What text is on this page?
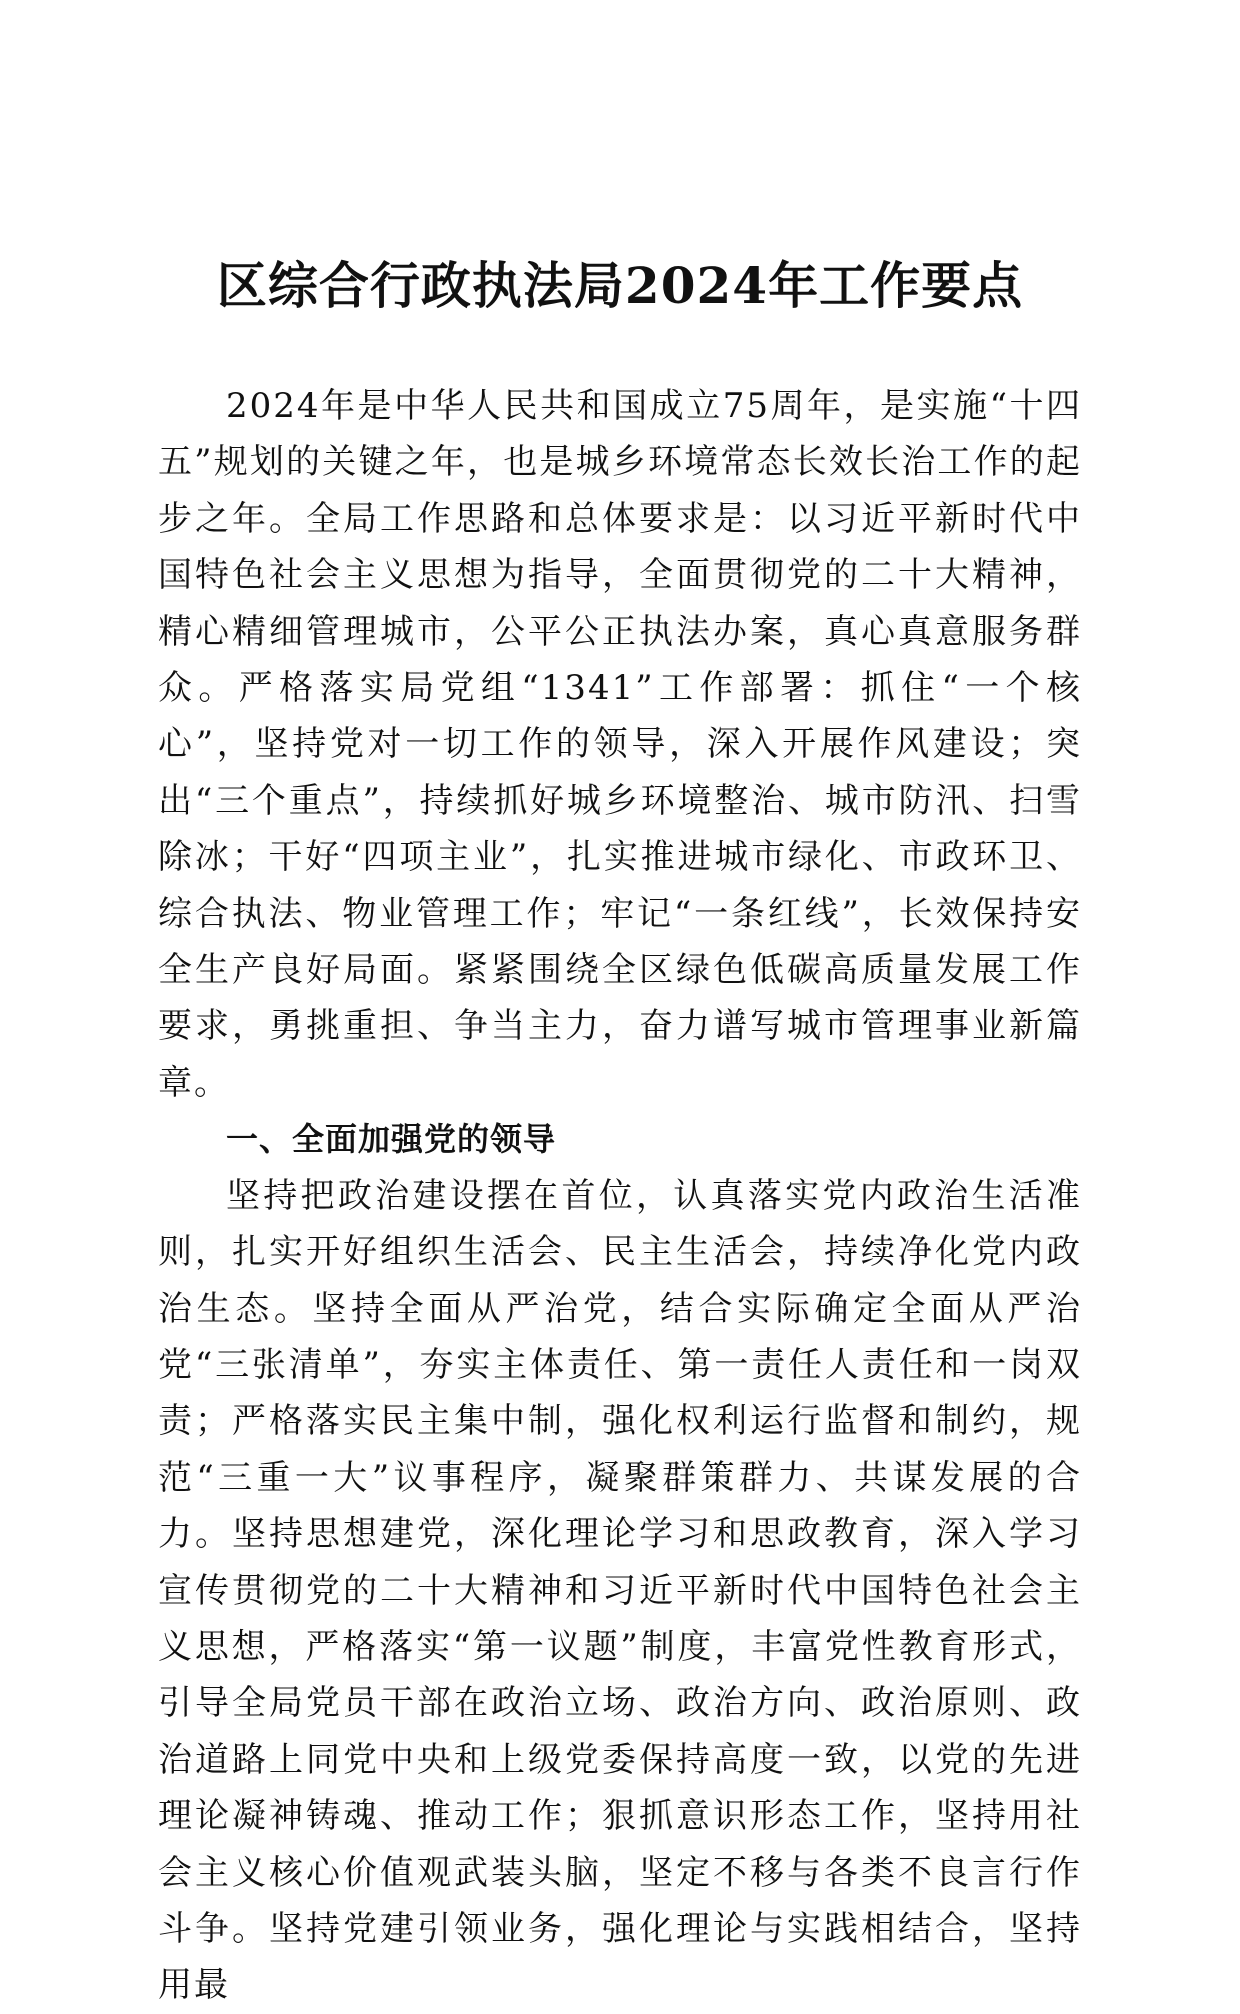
区综合行政执法局2024年工作要点

2024年是中华人民共和国成立75周年，是实施“十四五”规划的关键之年，也是城乡环境常态长效长治工作的起步之年。全局工作思路和总体要求是：以习近平新时代中国特色社会主义思想为指导，全面贯彻党的二十大精神，精心精细管理城市，公平公正执法办案，真心真意服务群众。严格落实局党组“1341”工作部署：抓住“一个核心”，坚持党对一切工作的领导，深入开展作风建设；突出“三个重点”，持续抓好城乡环境整治、城市防汛、扫雪除冰；干好“四项主业”，扎实推进城市绿化、市政环卫、综合执法、物业管理工作；牢记“一条红线”，长效保持安全生产良好局面。紧紧围绕全区绿色低碳高质量发展工作要求，勇挑重担、争当主力，奋力谱写城市管理事业新篇章。

一、全面加强党的领导

坚持把政治建设摆在首位，认真落实党内政治生活准则，扎实开好组织生活会、民主生活会，持续净化党内政治生态。坚持全面从严治党，结合实际确定全面从严治党“三张清单”，夯实主体责任、第一责任人责任和一岗双责；严格落实民主集中制，强化权利运行监督和制约，规范“三重一大”议事程序，凝聚群策群力、共谋发展的合力。坚持思想建党，深化理论学习和思政教育，深入学习宣传贯彻党的二十大精神和习近平新时代中国特色社会主义思想，严格落实“第一议题”制度，丰富党性教育形式，引导全局党员干部在政治立场、政治方向、政治原则、政治道路上同党中央和上级党委保持高度一致，以党的先进理论凝神铸魂、推动工作；狠抓意识形态工作，坚持用社会主义核心价值观武装头脑，坚定不移与各类不良言行作斗争。坚持党建引领业务，强化理论与实践相结合，坚持用最
